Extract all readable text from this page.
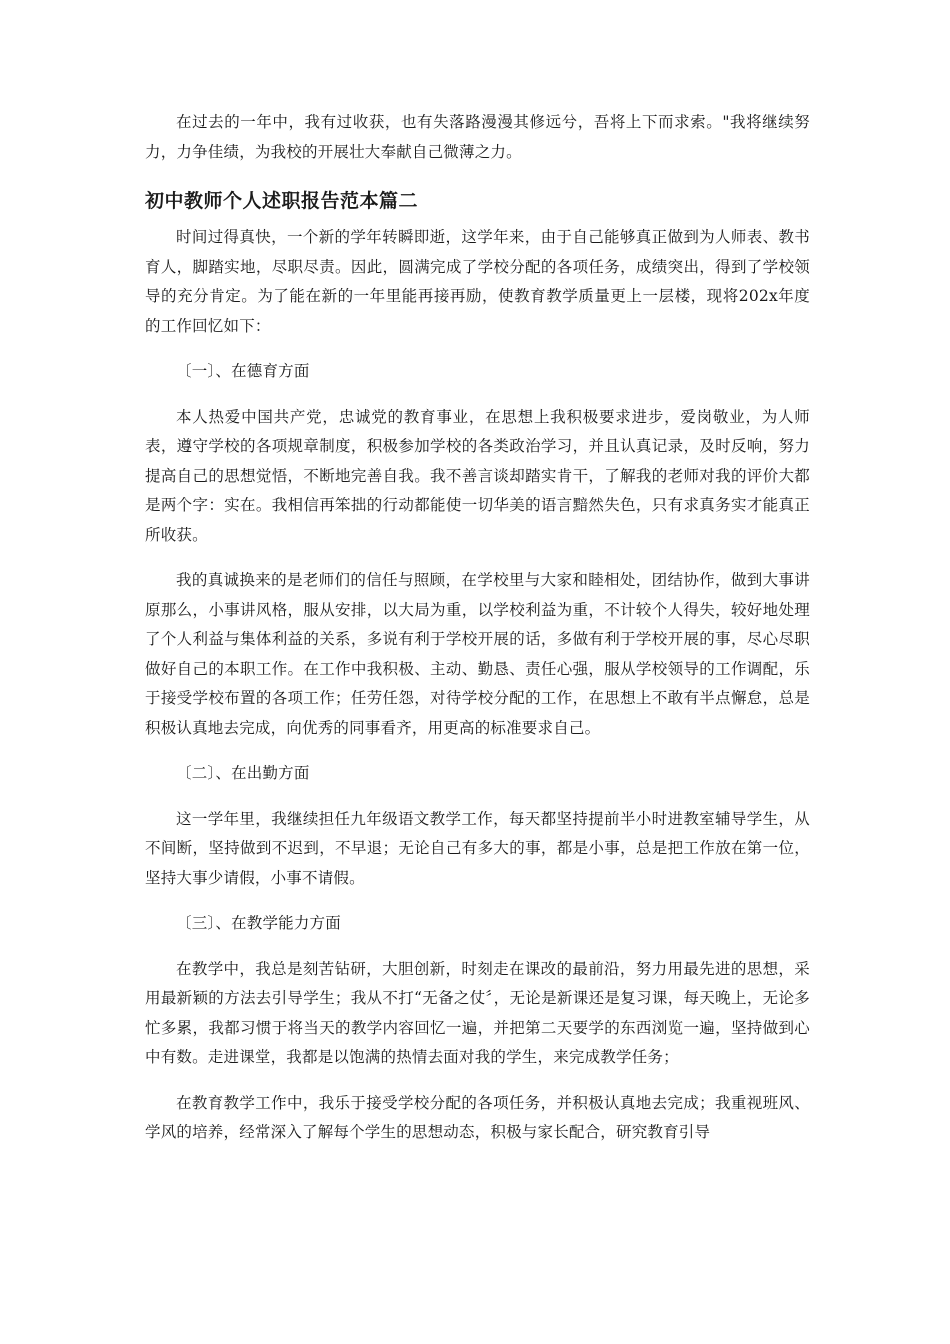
在过去的一年中，我有过收获，也有失落路漫漫其修远兮，吾将上下而求索。"我将继续努力，力争佳绩，为我校的开展壮大奉献自己微薄之力。

初中教师个人述职报告范本篇二

时间过得真快，一个新的学年转瞬即逝，这学年来，由于自己能够真正做到为人师表、教书育人，脚踏实地，尽职尽责。因此，圆满完成了学校分配的各项任务，成绩突出，得到了学校领导的充分肯定。为了能在新的一年里能再接再励，使教育教学质量更上一层楼，现将202x年度的工作回忆如下：

〔一〕、在德育方面

本人热爱中国共产党，忠诚党的教育事业，在思想上我积极要求进步，爱岗敬业，为人师表，遵守学校的各项规章制度，积极参加学校的各类政治学习，并且认真记录，及时反响，努力提高自己的思想觉悟，不断地完善自我。我不善言谈却踏实肯干，了解我的老师对我的评价大都是两个字：实在。我相信再笨拙的行动都能使一切华美的语言黯然失色，只有求真务实才能真正所收获。

我的真诚换来的是老师们的信任与照顾，在学校里与大家和睦相处，团结协作，做到大事讲原那么，小事讲风格，服从安排，以大局为重，以学校利益为重，不计较个人得失，较好地处理了个人利益与集体利益的关系，多说有利于学校开展的话，多做有利于学校开展的事，尽心尽职做好自己的本职工作。在工作中我积极、主动、勤恳、责任心强，服从学校领导的工作调配，乐于接受学校布置的各项工作；任劳任怨，对待学校分配的工作，在思想上不敢有半点懈怠，总是积极认真地去完成，向优秀的同事看齐，用更高的标准要求自己。

〔二〕、在出勤方面

这一学年里，我继续担任九年级语文教学工作，每天都坚持提前半小时进教室辅导学生，从不间断，坚持做到不迟到，不早退；无论自己有多大的事，都是小事，总是把工作放在第一位，坚持大事少请假，小事不请假。

〔三〕、在教学能力方面

在教学中，我总是刻苦钻研，大胆创新，时刻走在课改的最前沿，努力用最先进的思想，采用最新颖的方法去引导学生；我从不打“无备之仗〞，无论是新课还是复习课，每天晚上，无论多忙多累，我都习惯于将当天的教学内容回忆一遍，并把第二天要学的东西浏览一遍，坚持做到心中有数。走进课堂，我都是以饱满的热情去面对我的学生，来完成教学任务；

在教育教学工作中，我乐于接受学校分配的各项任务，并积极认真地去完成；我重视班风、学风的培养，经常深入了解每个学生的思想动态，积极与家长配合，研究教育引导
